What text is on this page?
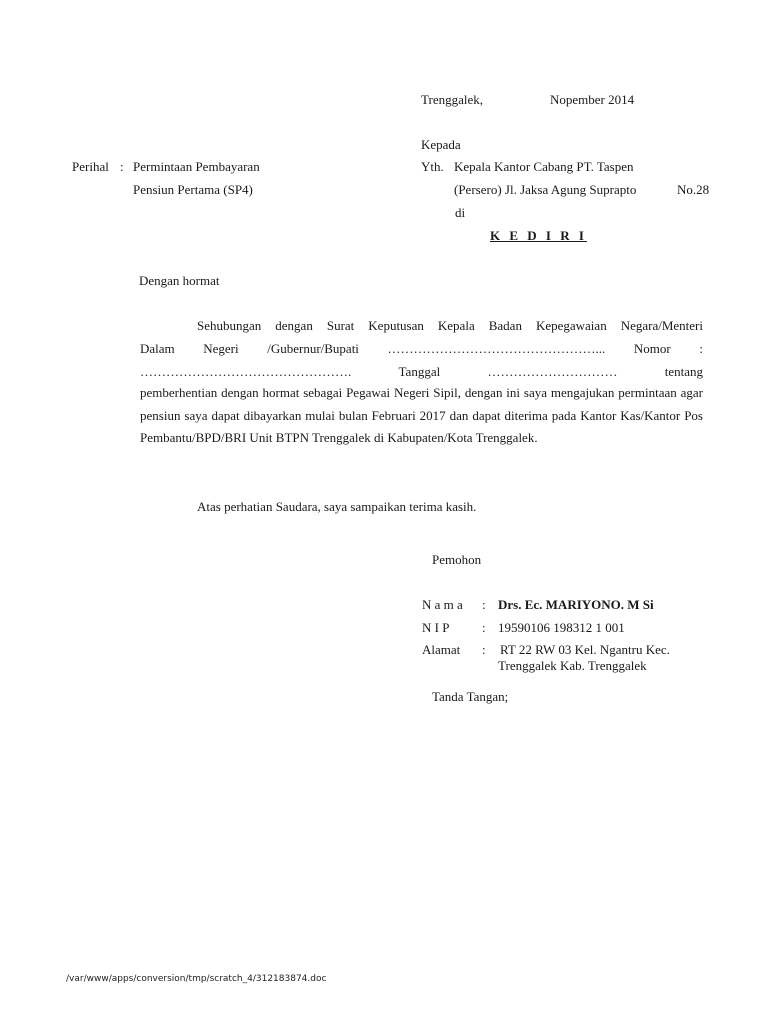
Trenggalek,	Nopember 2014
Kepada
Yth. Kepala Kantor Cabang PT. Taspen
(Persero) Jl. Jaksa Agung Suprapto	No.28
di
K E D I R I
Perihal : Permintaan Pembayaran
Pensiun Pertama (SP4)
Dengan hormat
Sehubungan dengan Surat Keputusan Kepala Badan Kepegawaian Negara/Menteri
Dalam Negeri /Gubernur/Bupati …………………………………………... Nomor :
………………………………………….	Tanggal	…………………………	tentang
pemberhentian dengan hormat sebagai Pegawai Negeri Sipil, dengan ini saya mengajukan permintaan agar pensiun saya dapat dibayarkan mulai bulan Februari 2017 dan dapat diterima pada Kantor Kas/Kantor Pos Pembantu/BPD/BRI Unit BTPN Trenggalek di Kabupaten/Kota Trenggalek.
Atas perhatian Saudara, saya sampaikan terima kasih.
Pemohon
N a m a : Drs. Ec. MARIYONO. M Si
N I P	: 19590106 198312 1 001
Alamat : RT 22 RW 03 Kel. Ngantru Kec.
Trenggalek Kab. Trenggalek
Tanda Tangan;
/var/www/apps/conversion/tmp/scratch_4/312183874.doc
